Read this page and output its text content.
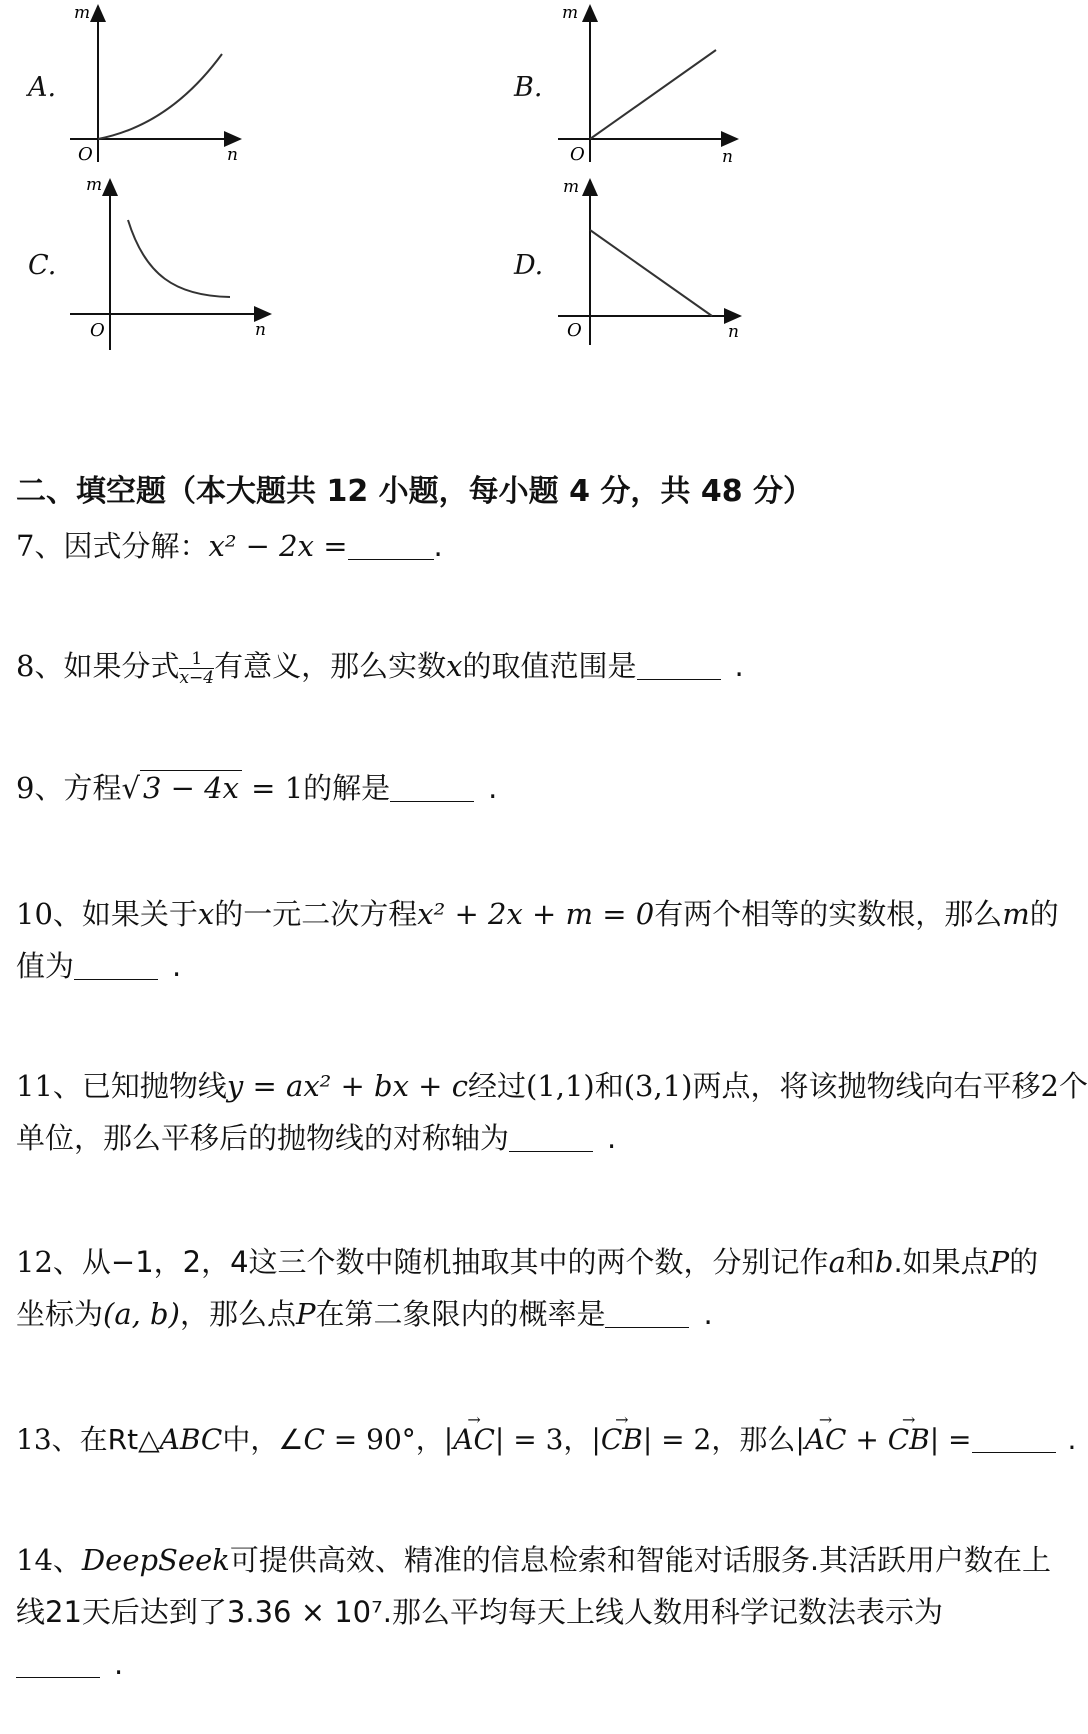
A.	B.
C.	D.
m
n
O
m
n
O
m
n
O
m
n
O
二、填空题（本大题共 12 小题，每小题 4 分，共 48 分）
7、因式分解：x² − 2x =	.
8、如果分式 $\frac{1}{x-4}$ 有意义，那么实数x的取值范围是	.
9、方程√ 3 − 4x = 1的解是	.
10、如果关于x的一元二次方程x² + 2x + m = 0有两个相等的实数根，那么m的
值为	.
11、已知抛物线y = ax² + bx + c经过(1,1)和(3,1)两点，将该抛物线向右平移2个
单位，那么平移后的抛物线的对称轴为	.
12、从−1，2，4这三个数中随机抽取其中的两个数，分别记作a和b.如果点P的
坐标为(a, b)，那么点P在第二象限内的概率是	.
13、在Rt△ABC中，∠C = 90°，|→ AC| = 3，|→ CB| = 2，那么|→ AC + → CB| =	.
14、DeepSeek可提供高效、精准的信息检索和智能对话服务.其活跃用户数在上
线21天后达到了3.36 × 10⁷.那么平均每天上线人数用科学记数法表示为
.
